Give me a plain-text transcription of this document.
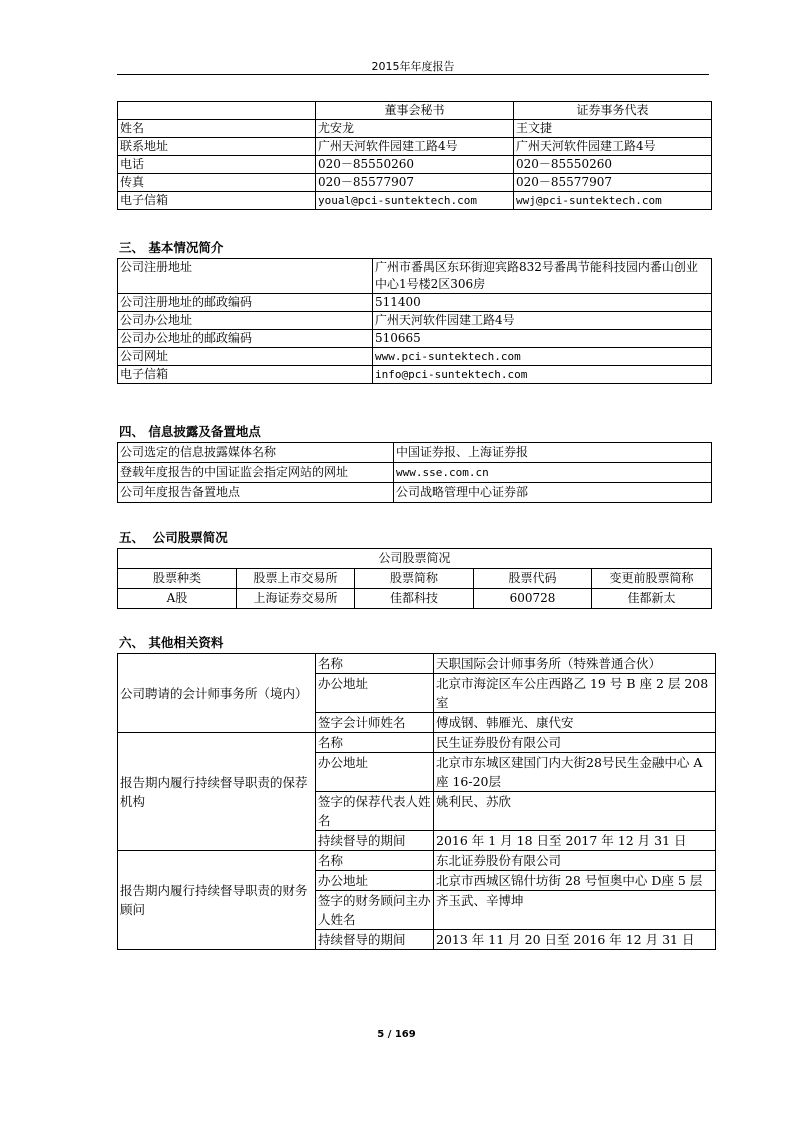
2015年年度报告
	董事会秘书	证券事务代表
姓名	尤安龙	王文捷
联系地址	广州天河软件园建工路4号	广州天河软件园建工路4号
电话	020－85550260	020－85550260
传真	020－85577907	020－85577907
电子信箱	youal@pci-suntektech.com	wwj@pci-suntektech.com
三、 基本情况简介
公司注册地址	广州市番禺区东环街迎宾路832号番禺节能科技园内番山创业中心1号楼2区306房
公司注册地址的邮政编码	511400
公司办公地址	广州天河软件园建工路4号
公司办公地址的邮政编码	510665
公司网址	www.pci-suntektech.com
电子信箱	info@pci-suntektech.com
四、 信息披露及备置地点
公司选定的信息披露媒体名称	中国证券报、上海证券报
登载年度报告的中国证监会指定网站的网址	www.sse.com.cn
公司年度报告备置地点	公司战略管理中心证券部
五、  公司股票简况
公司股票简况				
股票种类	股票上市交易所	股票简称	股票代码	变更前股票简称
A股	上海证券交易所	佳都科技	600728	佳都新太
六、 其他相关资料
公司聘请的会计师事务所（境内）	名称	天职国际会计师事务所（特殊普通合伙）
	办公地址	北京市海淀区车公庄西路乙 19 号 B 座 2 层 208 室
	签字会计师姓名	傅成钢、韩雁光、康代安
报告期内履行持续督导职责的保荐机构	名称	民生证券股份有限公司
	办公地址	北京市东城区建国门内大街28号民生金融中心 A座 16-20层
	签字的保荐代表人姓名	姚利民、苏欣
	持续督导的期间	2016 年 1 月 18 日至 2017 年 12 月 31 日
报告期内履行持续督导职责的财务顾问	名称	东北证券股份有限公司
	办公地址	北京市西城区锦什坊街 28 号恒奥中心 D座 5 层
	签字的财务顾问主办人姓名	齐玉武、辛博坤
	持续督导的期间	2013 年 11 月 20 日至 2016 年 12 月 31 日
5 / 169
